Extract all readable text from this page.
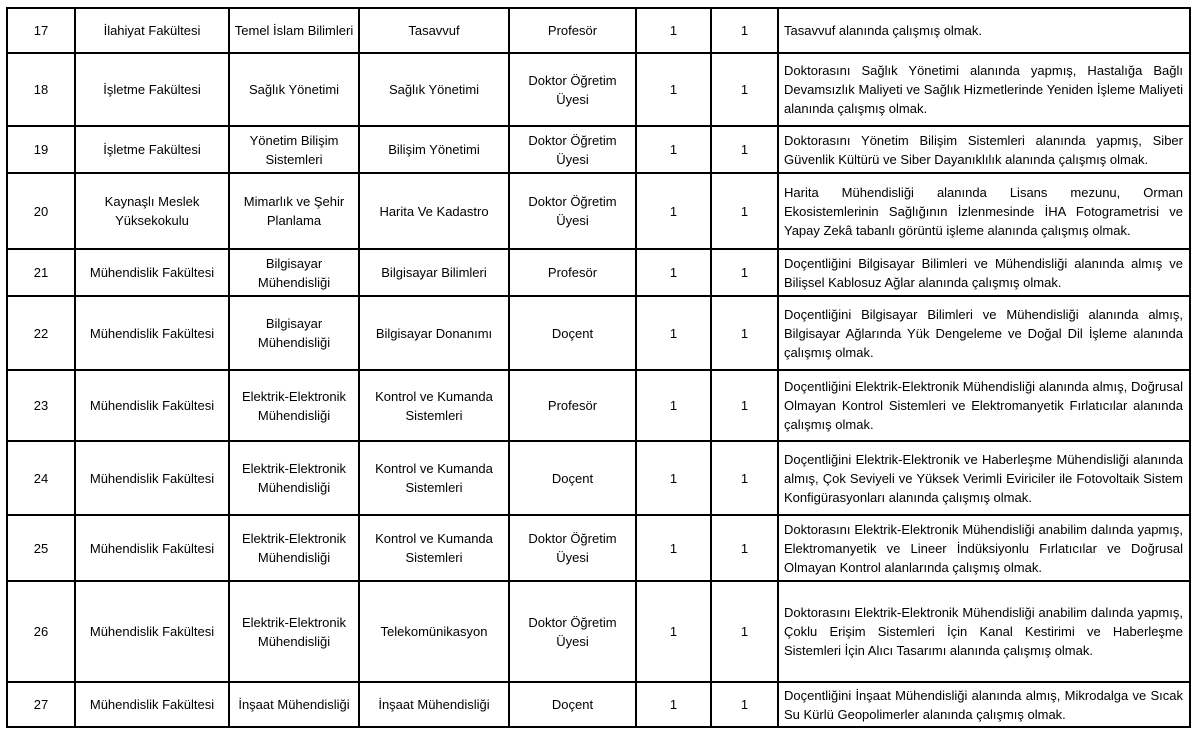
17	İlahiyat Fakültesi	Temel İslam Bilimleri	Tasavvuf	Profesör	1	1	Tasavvuf alanında çalışmış olmak.
18	İşletme Fakültesi	Sağlık Yönetimi	Sağlık Yönetimi	Doktor Öğretim Üyesi	1	1	Doktorasını Sağlık Yönetimi alanında yapmış, Hastalığa Bağlı Devamsızlık Maliyeti ve Sağlık Hizmetlerinde Yeniden İşleme Maliyeti alanında çalışmış olmak.
19	İşletme Fakültesi	Yönetim Bilişim Sistemleri	Bilişim Yönetimi	Doktor Öğretim Üyesi	1	1	Doktorasını Yönetim Bilişim Sistemleri alanında yapmış, Siber Güvenlik Kültürü ve Siber Dayanıklılık alanında çalışmış olmak.
20	Kaynaşlı Meslek Yüksekokulu	Mimarlık ve Şehir Planlama	Harita Ve Kadastro	Doktor Öğretim Üyesi	1	1	Harita Mühendisliği alanında Lisans mezunu, Orman Ekosistemlerinin Sağlığının İzlenmesinde İHA Fotogrametrisi ve Yapay Zekâ tabanlı görüntü işleme alanında çalışmış olmak.
21	Mühendislik Fakültesi	Bilgisayar Mühendisliği	Bilgisayar Bilimleri	Profesör	1	1	Doçentliğini Bilgisayar Bilimleri ve Mühendisliği alanında almış ve Bilişsel Kablosuz Ağlar alanında çalışmış olmak.
22	Mühendislik Fakültesi	Bilgisayar Mühendisliği	Bilgisayar Donanımı	Doçent	1	1	Doçentliğini Bilgisayar Bilimleri ve Mühendisliği alanında almış, Bilgisayar Ağlarında Yük Dengeleme ve Doğal Dil İşleme alanında çalışmış olmak.
23	Mühendislik Fakültesi	Elektrik-Elektronik Mühendisliği	Kontrol ve Kumanda Sistemleri	Profesör	1	1	Doçentliğini Elektrik-Elektronik Mühendisliği alanında almış, Doğrusal Olmayan Kontrol Sistemleri ve Elektromanyetik Fırlatıcılar alanında çalışmış olmak.
24	Mühendislik Fakültesi	Elektrik-Elektronik Mühendisliği	Kontrol ve Kumanda Sistemleri	Doçent	1	1	Doçentliğini Elektrik-Elektronik ve Haberleşme Mühendisliği alanında almış, Çok Seviyeli ve Yüksek Verimli Eviriciler ile Fotovoltaik Sistem Konfigürasyonları alanında çalışmış olmak.
25	Mühendislik Fakültesi	Elektrik-Elektronik Mühendisliği	Kontrol ve Kumanda Sistemleri	Doktor Öğretim Üyesi	1	1	Doktorasını Elektrik-Elektronik Mühendisliği anabilim dalında yapmış, Elektromanyetik ve Lineer İndüksiyonlu Fırlatıcılar ve Doğrusal Olmayan Kontrol alanlarında çalışmış olmak.
26	Mühendislik Fakültesi	Elektrik-Elektronik Mühendisliği	Telekomünikasyon	Doktor Öğretim Üyesi	1	1	Doktorasını Elektrik-Elektronik Mühendisliği anabilim dalında yapmış, Çoklu Erişim Sistemleri İçin Kanal Kestirimi ve Haberleşme Sistemleri İçin Alıcı Tasarımı alanında çalışmış olmak.
27	Mühendislik Fakültesi	İnşaat Mühendisliği	İnşaat Mühendisliği	Doçent	1	1	Doçentliğini İnşaat Mühendisliği alanında almış, Mikrodalga ve Sıcak Su Kürlü Geopolimerler alanında çalışmış olmak.
